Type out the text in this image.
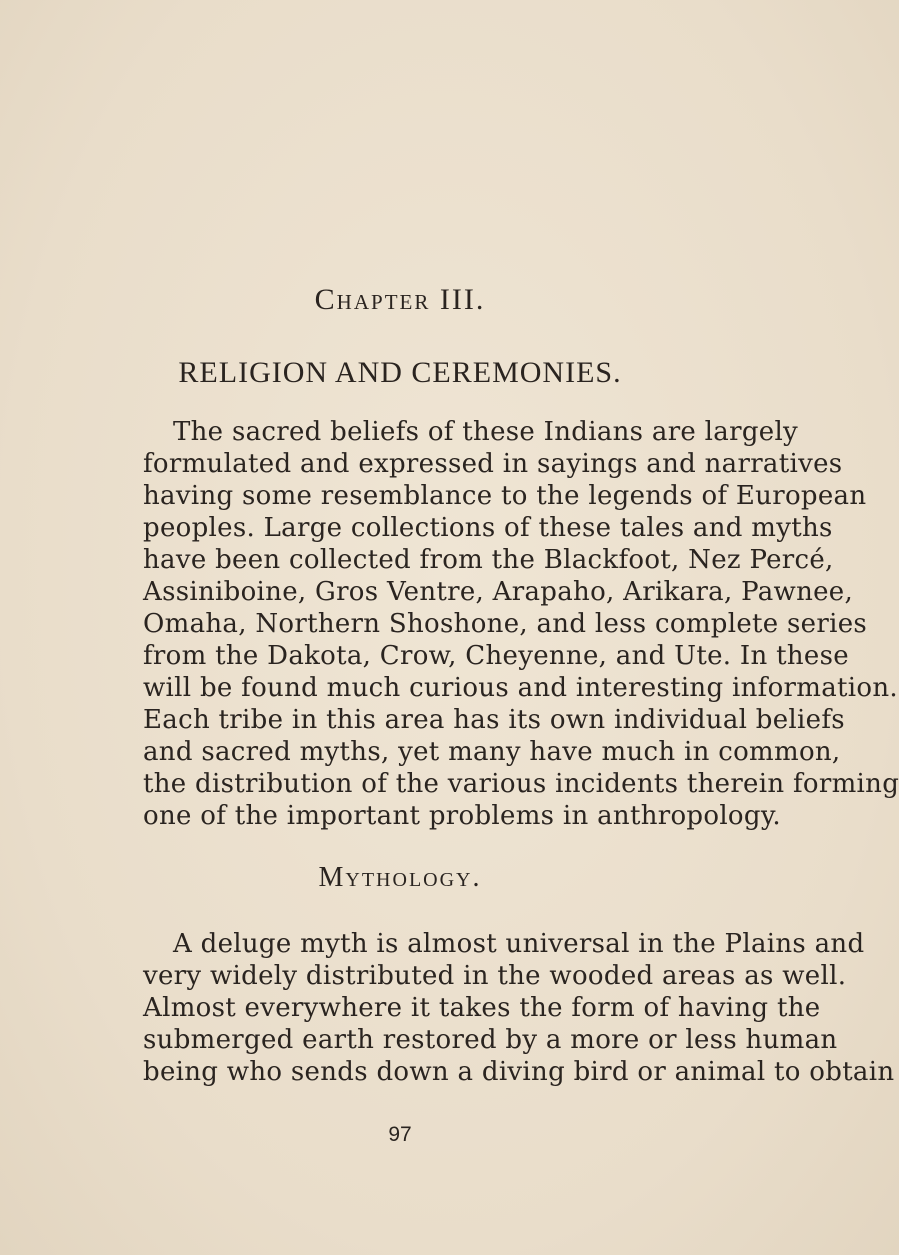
Chapter III.
RELIGION AND CEREMONIES.

The sacred beliefs of these Indians are largely
formulated and expressed in sayings and narratives
having some resemblance to the legends of European
peoples. Large collections of these tales and myths
have been collected from the Blackfoot, Nez Percé,
Assiniboine, Gros Ventre, Arapaho, Arikara, Pawnee,
Omaha, Northern Shoshone, and less complete series
from the Dakota, Crow, Cheyenne, and Ute. In these
will be found much curious and interesting information.
Each tribe in this area has its own individual beliefs
and sacred myths, yet many have much in common,
the distribution of the various incidents therein forming
one of the important problems in anthropology.

Mythology.

A deluge myth is almost universal in the Plains and
very widely distributed in the wooded areas as well.
Almost everywhere it takes the form of having the
submerged earth restored by a more or less human
being who sends down a diving bird or animal to obtain

97
